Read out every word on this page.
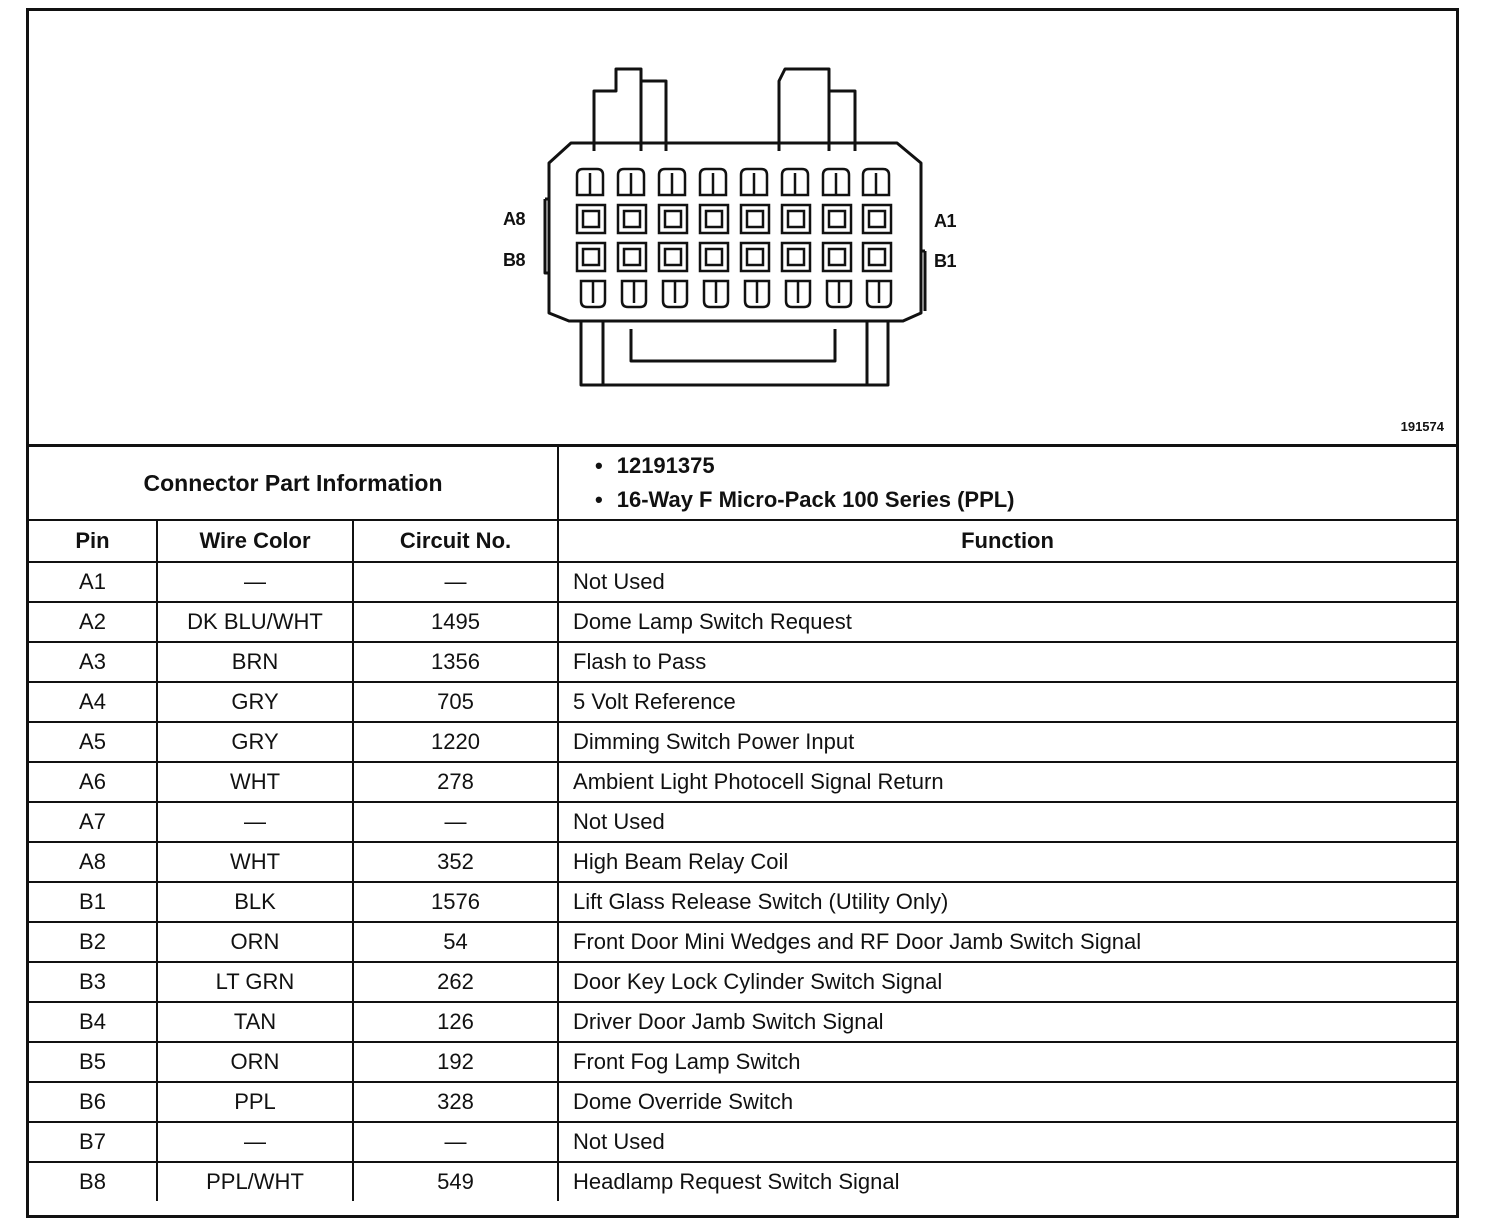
A8
B8
A1
B1
191574
Connector Part Information			• 12191375
• 16-Way F Micro-Pack 100 Series (PPL)

Pin	Wire Color	Circuit No.	Function
A1	—	—	Not Used
A2	DK BLU/WHT	1495	Dome Lamp Switch Request
A3	BRN	1356	Flash to Pass
A4	GRY	705	5 Volt Reference
A5	GRY	1220	Dimming Switch Power Input
A6	WHT	278	Ambient Light Photocell Signal Return
A7	—	—	Not Used
A8	WHT	352	High Beam Relay Coil
B1	BLK	1576	Lift Glass Release Switch (Utility Only)
B2	ORN	54	Front Door Mini Wedges and RF Door Jamb Switch Signal
B3	LT GRN	262	Door Key Lock Cylinder Switch Signal
B4	TAN	126	Driver Door Jamb Switch Signal
B5	ORN	192	Front Fog Lamp Switch
B6	PPL	328	Dome Override Switch
B7	—	—	Not Used
B8	PPL/WHT	549	Headlamp Request Switch Signal
